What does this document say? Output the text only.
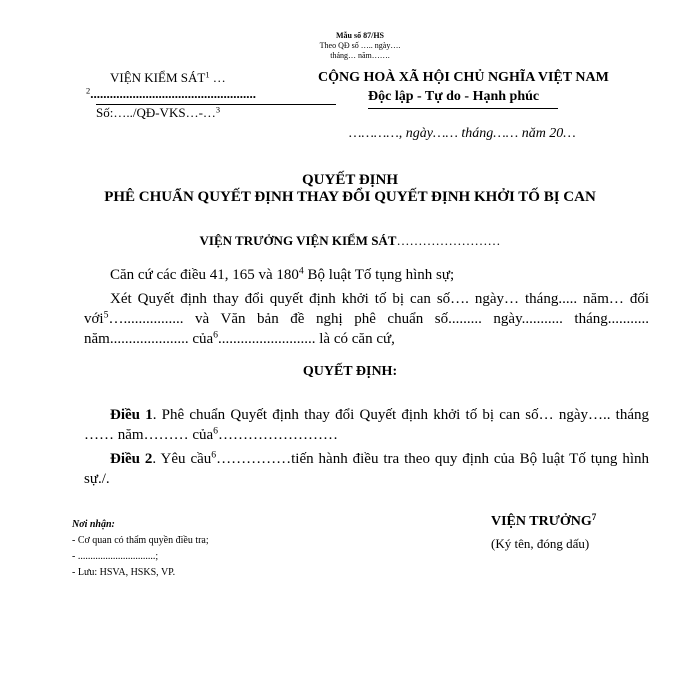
Mẫu số 87/HS
Theo QĐ số ….. ngày….
tháng… năm…….
VIỆN KIỂM SÁT$^1$ …
$^2$...................................................
Số:…../QĐ-VKS…-…$^3$
CỘNG HOÀ XÃ HỘI CHỦ NGHĨA VIỆT NAM
Độc lập - Tự do - Hạnh phúc
…………, ngày…… tháng…… năm 20…
QUYẾT ĐỊNH
PHÊ CHUẨN QUYẾT ĐỊNH THAY ĐỔI QUYẾT ĐỊNH KHỞI TỐ BỊ CAN
VIỆN TRƯỞNG VIỆN KIỂM SÁT……………………
Căn cứ các điều 41, 165 và $180^4$ Bộ luật Tố tụng hình sự;
Xét Quyết định thay đổi quyết định khởi tố bị can số…. ngày… tháng..... năm… đối với$^5$…................ và Văn bản đề nghị phê chuẩn số......... ngày........... tháng........... năm..................... của$^6$.......................... là có căn cứ,
QUYẾT ĐỊNH:
Điều 1. Phê chuẩn Quyết định thay đổi Quyết định khởi tố bị can số… ngày….. tháng …… năm……… của$^6$……………………
Điều 2. Yêu cầu$^6$……………tiến hành điều tra theo quy định của Bộ luật Tố tụng hình sự./.
Nơi nhận:
- Cơ quan có thẩm quyền điều tra;
- ...............................;
- Lưu: HSVA, HSKS, VP.
VIỆN TRƯỞNG$^7$
(Ký tên, đóng dấu)
